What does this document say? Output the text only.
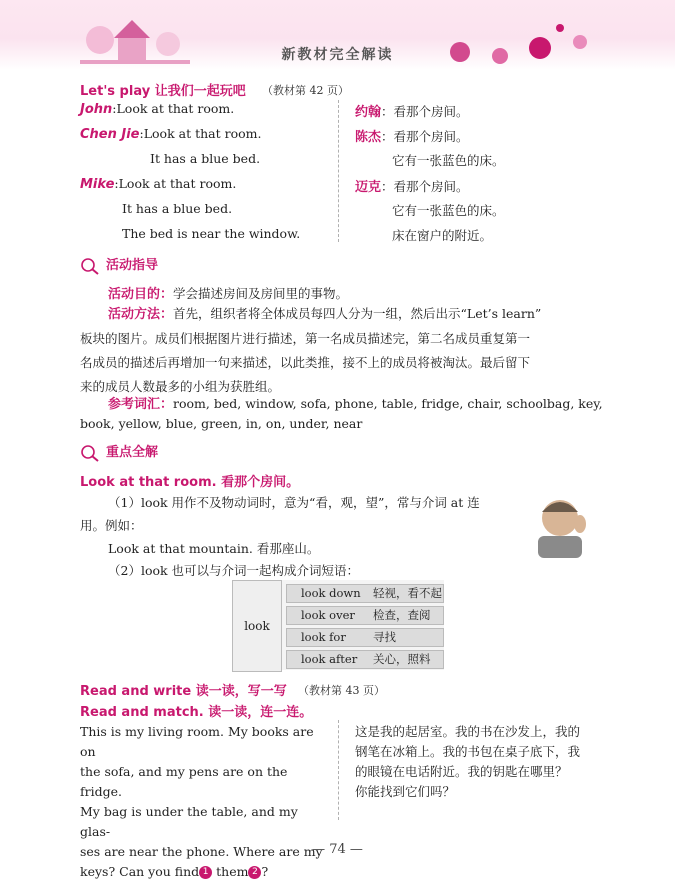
新教材完全解读
Let's play 让我们一起玩吧 （教材第 42 页）
John:Look at that room.
Chen Jie:Look at that room.
It has a blue bed.
Mike:Look at that room.
It has a blue bed.
The bed is near the window.
约翰：看那个房间。
陈杰：看那个房间。
它有一张蓝色的床。
迈克：看那个房间。
它有一张蓝色的床。
床在窗户的附近。
活动指导
活动目的：学会描述房间及房间里的事物。
活动方法：首先，组织者将全体成员每四人分为一组，然后出示“Let’s learn”
板块的图片。成员们根据图片进行描述，第一名成员描述完，第二名成员重复第一
名成员的描述后再增加一句来描述，以此类推，接不上的成员将被淘汰。最后留下
来的成员人数最多的小组为获胜组。
参考词汇：room, bed, window, sofa, phone, table, fridge, chair, schoolbag, key,
book, yellow, blue, green, in, on, under, near
重点全解
Look at that room. 看那个房间。
（1）look 用作不及物动词时，意为“看，观，望”，常与介词 at 连
用。例如：
Look at that mountain. 看那座山。
（2）look 也可以与介词一起构成介词短语：
look
look down 轻视，看不起
look over 检查，查阅
look for 寻找
look after 关心，照料
Read and write 读一读，写一写 （教材第 43 页）
Read and match. 读一读，连一连。
This is my living room. My books are on
the sofa, and my pens are on the fridge.
My bag is under the table, and my glas-
ses are near the phone. Where are my
keys? Can you find 1 them 2 ?
这是我的起居室。我的书在沙发上，我的
钢笔在冰箱上。我的书包在桌子底下，我
的眼镜在电话附近。我的钥匙在哪里？
你能找到它们吗？
— 74 —
